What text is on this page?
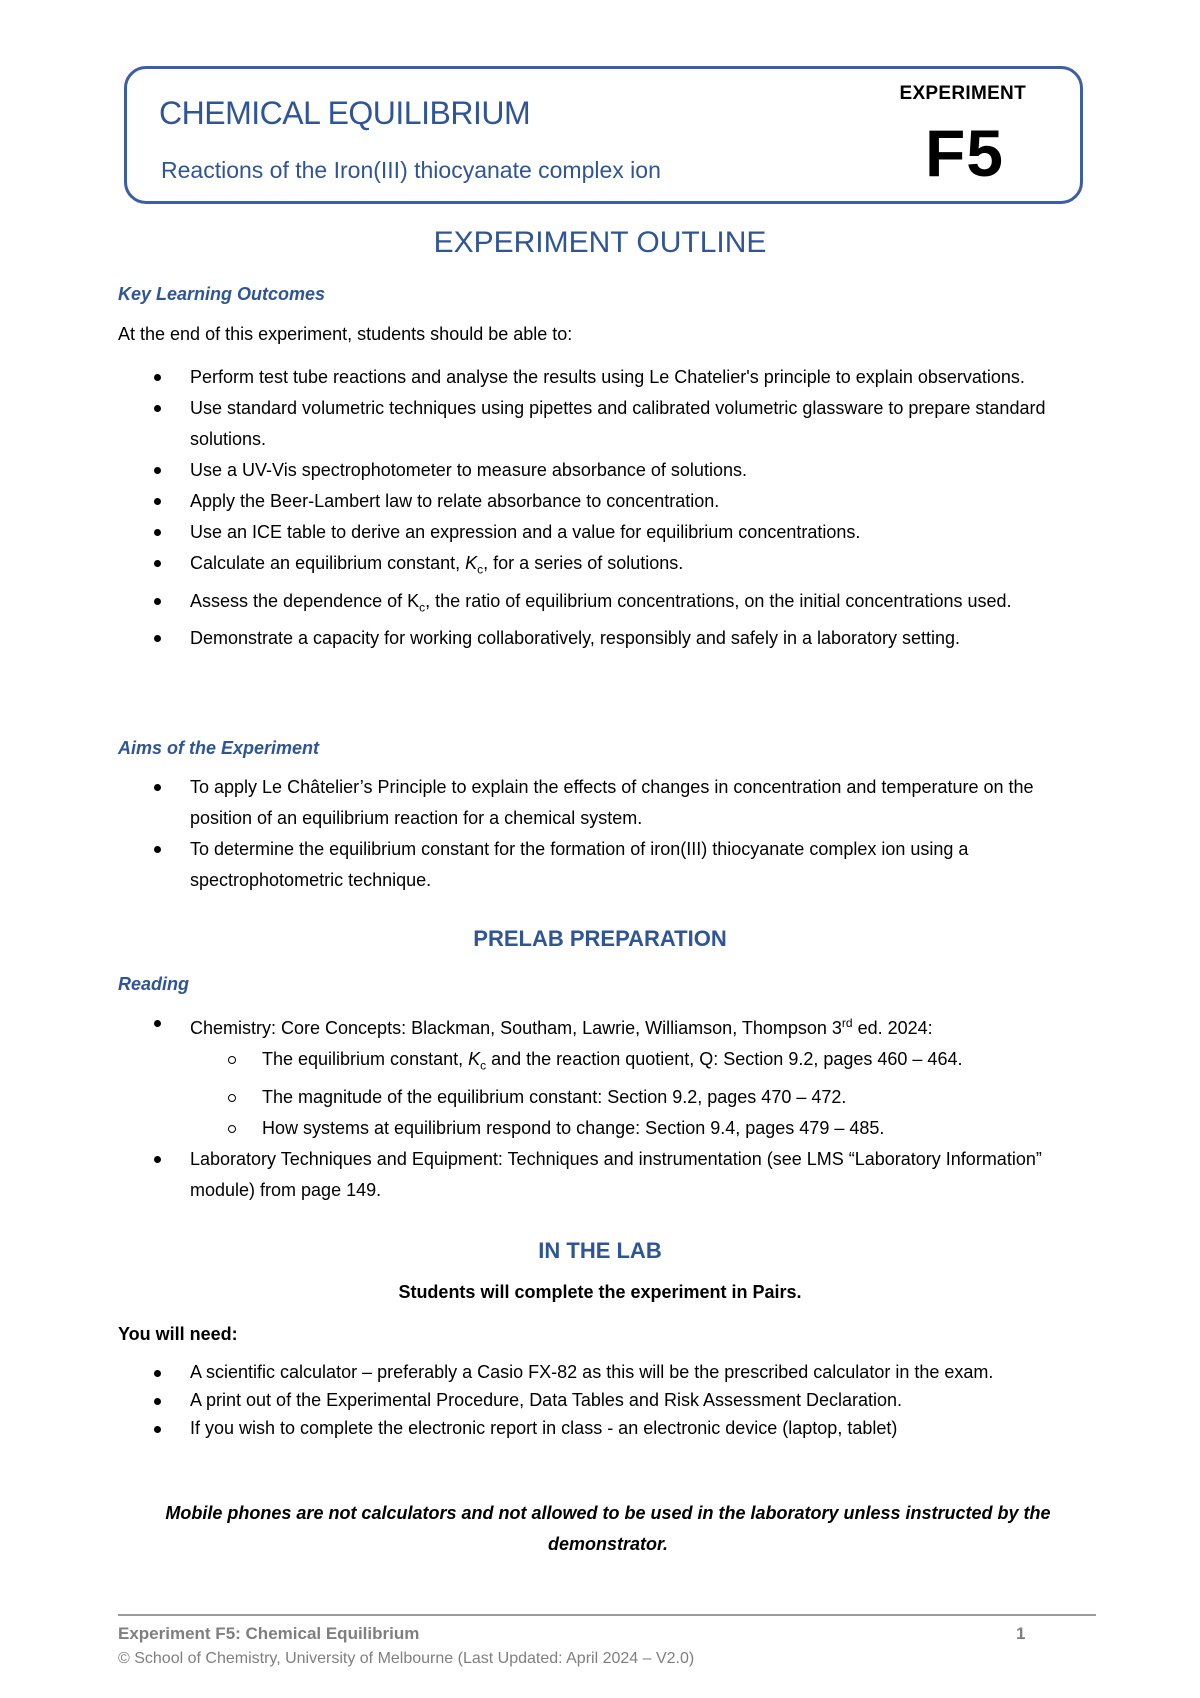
CHEMICAL EQUILIBRIUM
Reactions of the Iron(III) thiocyanate complex ion
EXPERIMENT
F5
EXPERIMENT OUTLINE
Key Learning Outcomes
At the end of this experiment, students should be able to:
Perform test tube reactions and analyse the results using Le Chatelier's principle to explain observations.
Use standard volumetric techniques using pipettes and calibrated volumetric glassware to prepare standard solutions.
Use a UV-Vis spectrophotometer to measure absorbance of solutions.
Apply the Beer-Lambert law to relate absorbance to concentration.
Use an ICE table to derive an expression and a value for equilibrium concentrations.
Calculate an equilibrium constant, $K_c$, for a series of solutions.
Assess the dependence of $K_c$, the ratio of equilibrium concentrations, on the initial concentrations used.
Demonstrate a capacity for working collaboratively, responsibly and safely in a laboratory setting.
Aims of the Experiment
To apply Le Châtelier’s Principle to explain the effects of changes in concentration and temperature on the position of an equilibrium reaction for a chemical system.
To determine the equilibrium constant for the formation of iron(III) thiocyanate complex ion using a spectrophotometric technique.
PRELAB PREPARATION
Reading
Chemistry: Core Concepts: Blackman, Southam, Lawrie, Williamson, Thompson 3rd ed. 2024:
The equilibrium constant, $K_c$ and the reaction quotient, Q: Section 9.2, pages 460 – 464.
The magnitude of the equilibrium constant: Section 9.2, pages 470 – 472.
How systems at equilibrium respond to change: Section 9.4, pages 479 – 485.
Laboratory Techniques and Equipment: Techniques and instrumentation (see LMS “Laboratory Information” module) from page 149.
IN THE LAB
Students will complete the experiment in Pairs.
You will need:
A scientific calculator – preferably a Casio FX-82 as this will be the prescribed calculator in the exam.
A print out of the Experimental Procedure, Data Tables and Risk Assessment Declaration.
If you wish to complete the electronic report in class - an electronic device (laptop, tablet)
Mobile phones are not calculators and not allowed to be used in the laboratory unless instructed by the demonstrator.
Experiment F5: Chemical Equilibrium	1
© School of Chemistry, University of Melbourne (Last Updated: April 2024 – V2.0)
